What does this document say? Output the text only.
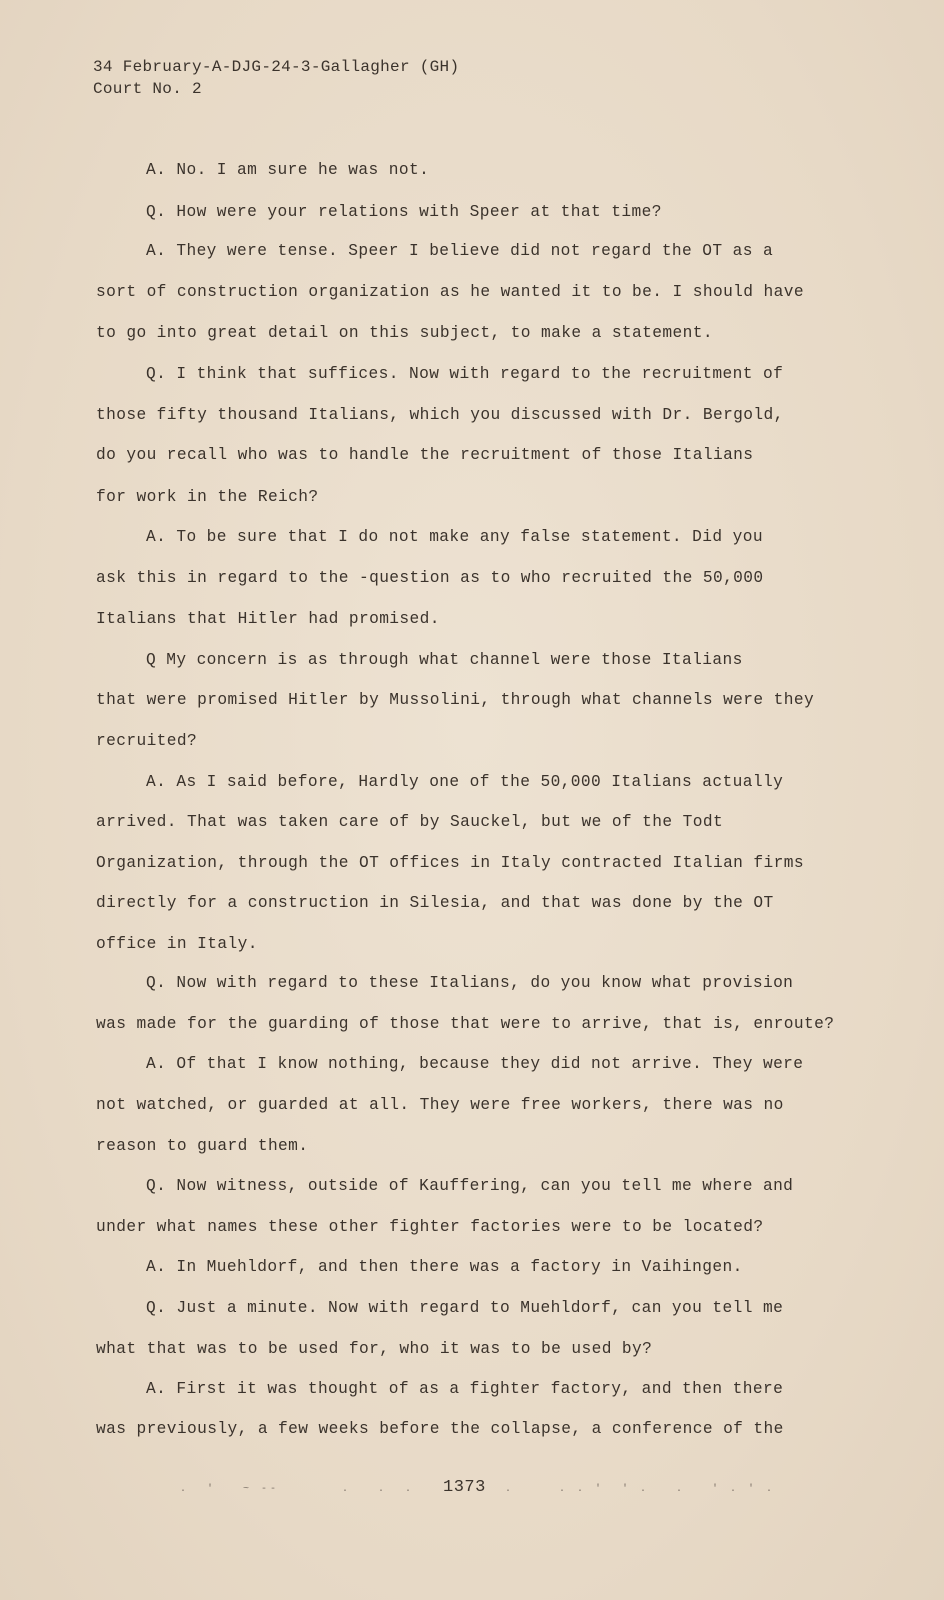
34 February-A-DJG-24-3-Gallagher (GH)
Court No. 2
A. No. I am sure he was not.
Q. How were your relations with Speer at that time?
A. They were tense. Speer I believe did not regard the OT as a
sort of construction organization as he wanted it to be. I should have
to go into great detail on this subject, to make a statement.
Q. I think that suffices. Now with regard to the recruitment of
those fifty thousand Italians, which you discussed with Dr. Bergold,
do you recall who was to handle the recruitment of those Italians
for work in the Reich?
A. To be sure that I do not make any false statement. Did you
ask this in regard to the -question as to who recruited the 50,000
Italians that Hitler had promised.
Q My concern is as through what channel were those Italians
that were promised Hitler by Mussolini, through what channels were they
recruited?
A. As I said before, Hardly one of the 50,000 Italians actually
arrived. That was taken care of by Sauckel, but we of the Todt
Organization, through the OT offices in Italy contracted Italian firms
directly for a construction in Silesia, and that was done by the OT
office in Italy.
Q. Now with regard to these Italians, do you know what provision
was made for the guarding of those that were to arrive, that is, enroute?
A. Of that I know nothing, because they did not arrive. They were
not watched, or guarded at all. They were free workers, there was no
reason to guard them.
Q. Now witness, outside of Kauffering, can you tell me where and
under what names these other fighter factories were to be located?
A. In Muehldorf, and then there was a factory in Vaihingen.
Q. Just a minute. Now with regard to Muehldorf, can you tell me
what that was to be used for, who it was to be used by?
A. First it was thought of as a fighter factory, and then there
was previously, a few weeks before the collapse, a conference of the
.  '   ~ --       .   .  . 1373 .     . . '  ' .   .   ' . ' .
